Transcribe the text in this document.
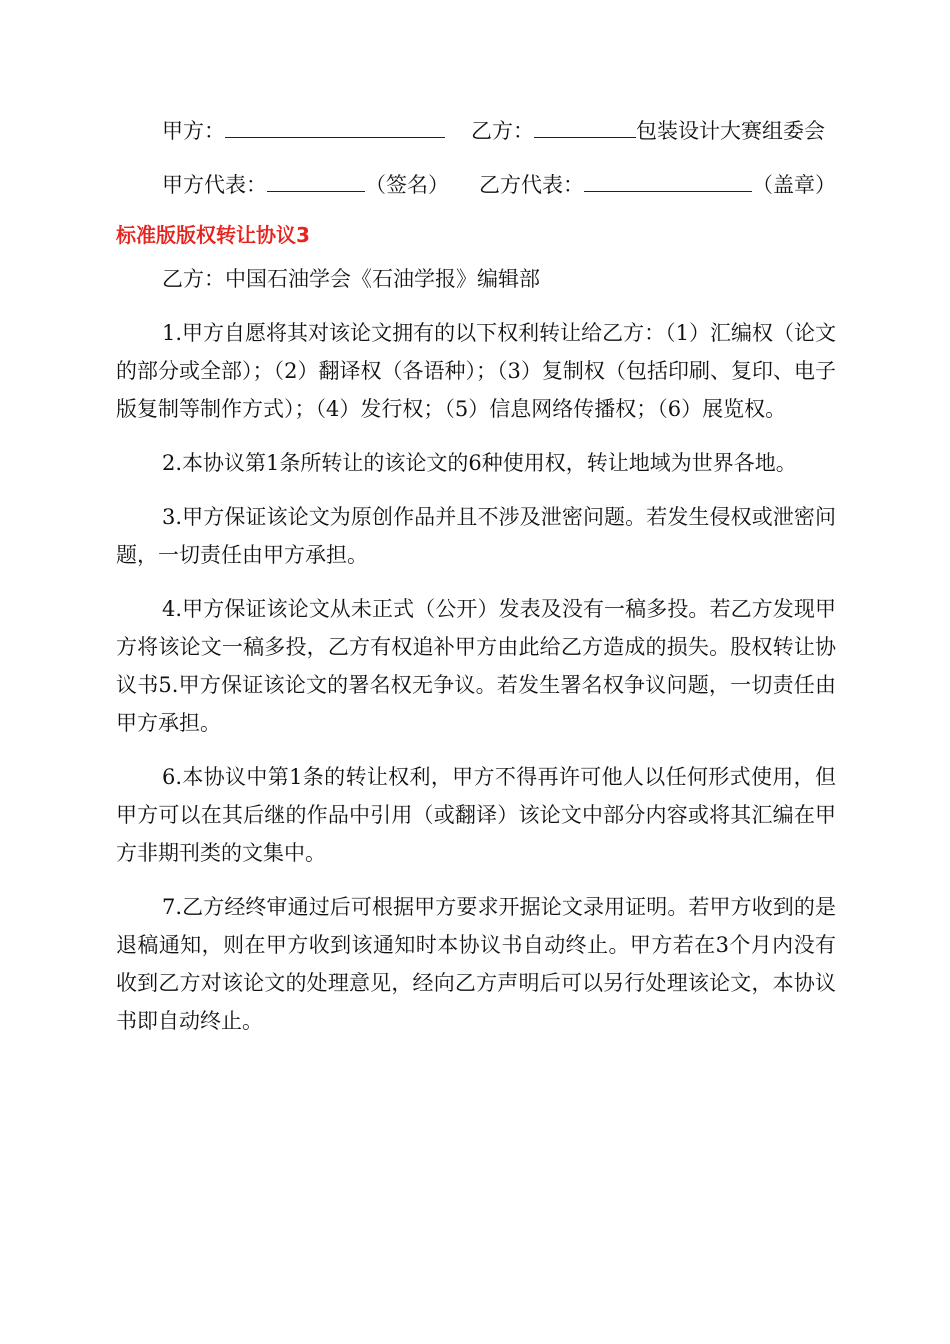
甲方：	乙方：	包装设计大赛组委会

甲方代表：	（签名） 乙方代表：	（盖章）

标准版版权转让协议3

乙方：中国石油学会《石油学报》编辑部

1.甲方自愿将其对该论文拥有的以下权利转让给乙方：（1）汇编权（论文的部分或全部）；（2）翻译权（各语种）；（3）复制权（包括印刷、复印、电子版复制等制作方式）；（4）发行权；（5）信息网络传播权；（6）展览权。

2.本协议第1条所转让的该论文的6种使用权，转让地域为世界各地。

3.甲方保证该论文为原创作品并且不涉及泄密问题。若发生侵权或泄密问题，一切责任由甲方承担。

4.甲方保证该论文从未正式（公开）发表及没有一稿多投。若乙方发现甲方将该论文一稿多投，乙方有权追补甲方由此给乙方造成的损失。股权转让协议书5.甲方保证该论文的署名权无争议。若发生署名权争议问题，一切责任由甲方承担。

6.本协议中第1条的转让权利，甲方不得再许可他人以任何形式使用，但甲方可以在其后继的作品中引用（或翻译）该论文中部分内容或将其汇编在甲方非期刊类的文集中。

7.乙方经终审通过后可根据甲方要求开据论文录用证明。若甲方收到的是退稿通知，则在甲方收到该通知时本协议书自动终止。甲方若在3个月内没有收到乙方对该论文的处理意见，经向乙方声明后可以另行处理该论文，本协议书即自动终止。
